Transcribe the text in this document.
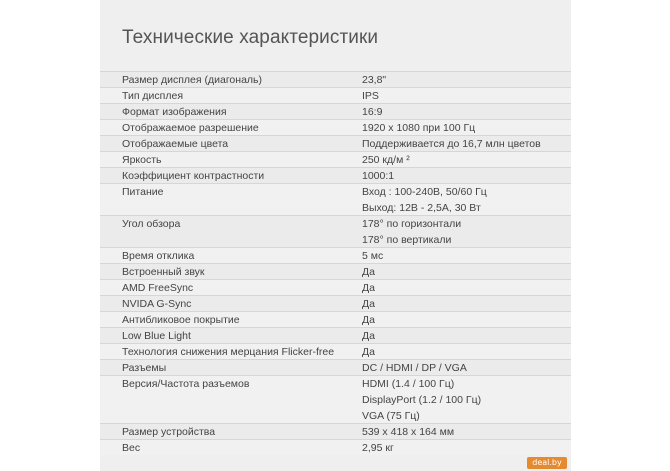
Технические характеристики
Размер дисплея (диагональ)	23,8"
Тип дисплея	IPS
Формат изображения	16:9
Отображаемое разрешение	1920 х 1080 при 100 Гц
Отображаемые цвета	Поддерживается до 16,7 млн цветов
Яркость	250 кд/м ²
Коэффициент контрастности	1000:1
Питание	Вход : 100-240В, 50/60 Гц
Выход: 12В - 2,5А, 30 Вт
Угол обзора	178° по горизонтали
178° по вертикали
Время отклика	5 мс
Встроенный звук	Да
AMD FreeSync	Да
NVIDA G-Sync	Да
Антибликовое покрытие	Да
Low Blue Light	Да
Технология снижения мерцания Flicker-free	Да
Разъемы	DC / HDMI / DP / VGA
Версия/Частота разъемов	HDMI (1.4 / 100 Гц)
DisplayPort (1.2 / 100 Гц)
VGA (75 Гц)
Размер устройства	539 x 418 x 164 мм
Вес	2,95 кг
deal.by
